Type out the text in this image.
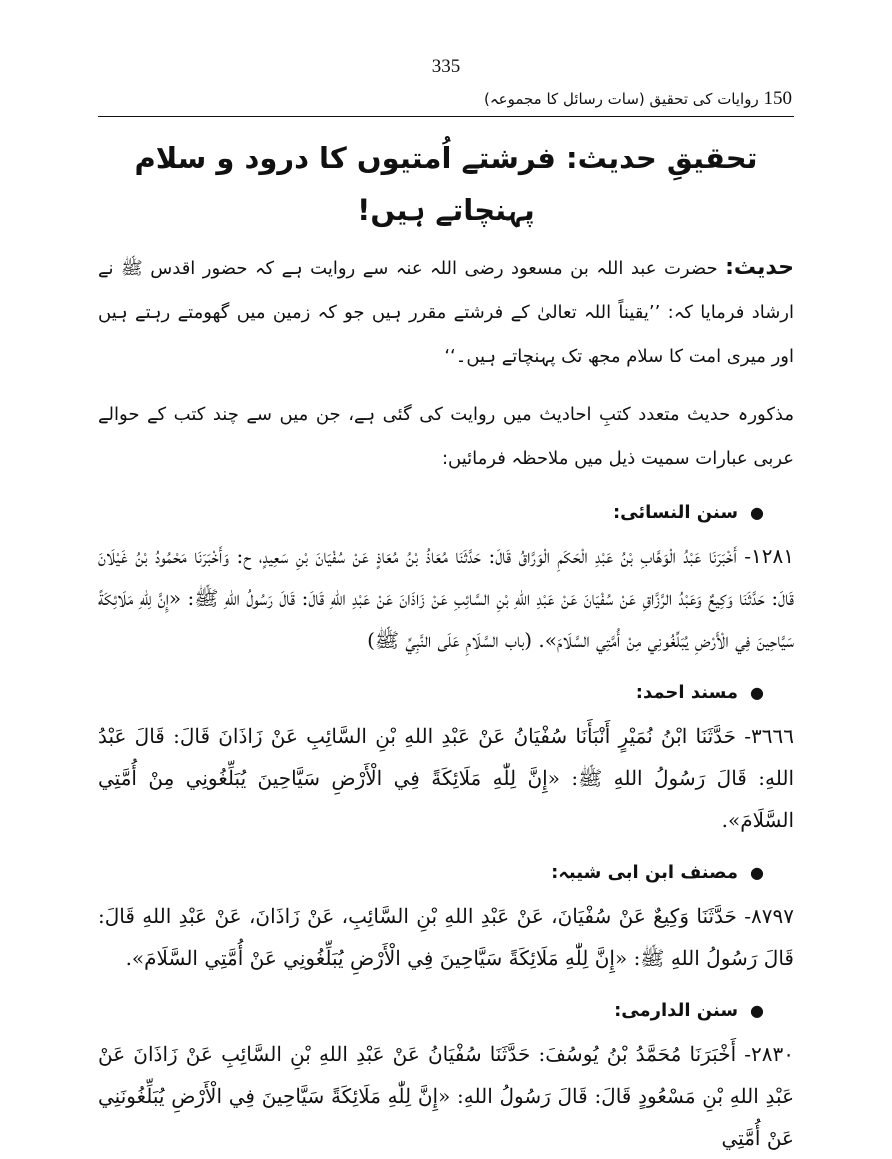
335
150 روایات کی تحقیق (سات رسائل کا مجموعہ)
تحقیقِ حدیث: فرشتے اُمتیوں کا درود و سلام پہنچاتے ہیں!

حدیث: حضرت عبد اللہ بن مسعود رضی اللہ عنہ سے روایت ہے کہ حضور اقدس ﷺ نے ارشاد فرمایا کہ: ’’یقیناً اللہ تعالیٰ کے فرشتے مقرر ہیں جو کہ زمین میں گھومتے رہتے ہیں اور میری امت کا سلام مجھ تک پہنچاتے ہیں۔‘‘

مذکورہ حدیث متعدد کتبِ احادیث میں روایت کی گئی ہے، جن میں سے چند کتب کے حوالے عربی عبارات سمیت ذیل میں ملاحظہ فرمائیں:

●سنن النسائی:

١٢٨١- أَخْبَرَنَا عَبْدُ الْوَهَّابِ بْنُ عَبْدِ الْحَكَمِ الْوَرَّاقُ قَالَ: حَدَّثَنَا مُعَاذُ بْنُ مُعَاذٍ عَنْ سُفْيَانَ بْنِ سَعِيدٍ، ح: وَأَخْبَرَنَا مَحْمُودُ بْنُ غَيْلَانَ قَالَ: حَدَّثَنَا وَكِيعٌ وَعَبْدُ الرَّزَّاقِ عَنْ سُفْيَانَ عَنْ عَبْدِ اللهِ بْنِ السَّائِبِ عَنْ زَاذَانَ عَنْ عَبْدِ اللهِ قَالَ: قَالَ رَسُولُ اللهِ ﷺ: «إِنَّ لِلّٰهِ مَلَائِكَةً سَيَّاحِينَ فِي الْأَرْضِ يُبَلِّغُونِي مِنْ أُمَّتِي السَّلَامَ». (باب السَّلَامِ عَلَى النَّبِيِّ ﷺ)

●مسند احمد:

٣٦٦٦- حَدَّثَنَا ابْنُ نُمَيْرٍ أَنْبَأَنَا سُفْيَانُ عَنْ عَبْدِ اللهِ بْنِ السَّائِبِ عَنْ زَاذَانَ قَالَ: قَالَ عَبْدُ اللهِ: قَالَ رَسُولُ اللهِ ﷺ: «إِنَّ لِلّٰهِ مَلَائِكَةً فِي الْأَرْضِ سَيَّاحِينَ يُبَلِّغُونِي مِنْ أُمَّتِي السَّلَامَ».

●مصنف ابن ابی شیبہ:

٨٧٩٧- حَدَّثَنَا وَكِيعٌ عَنْ سُفْيَانَ، عَنْ عَبْدِ اللهِ بْنِ السَّائِبِ، عَنْ زَاذَانَ، عَنْ عَبْدِ اللهِ قَالَ: قَالَ رَسُولُ اللهِ ﷺ: «إِنَّ لِلّٰهِ مَلَائِكَةً سَيَّاحِينَ فِي الْأَرْضِ يُبَلِّغُونِي عَنْ أُمَّتِي السَّلَامَ».

●سنن الدارمی:

٢٨٣٠- أَخْبَرَنَا مُحَمَّدُ بْنُ يُوسُفَ: حَدَّثَنَا سُفْيَانُ عَنْ عَبْدِ اللهِ بْنِ السَّائِبِ عَنْ زَاذَانَ عَنْ عَبْدِ اللهِ بْنِ مَسْعُودٍ قَالَ: قَالَ رَسُولُ اللهِ: «إِنَّ لِلّٰهِ مَلَائِكَةً سَيَّاحِينَ فِي الْأَرْضِ يُبَلِّغُونَنِي عَنْ أُمَّتِي
